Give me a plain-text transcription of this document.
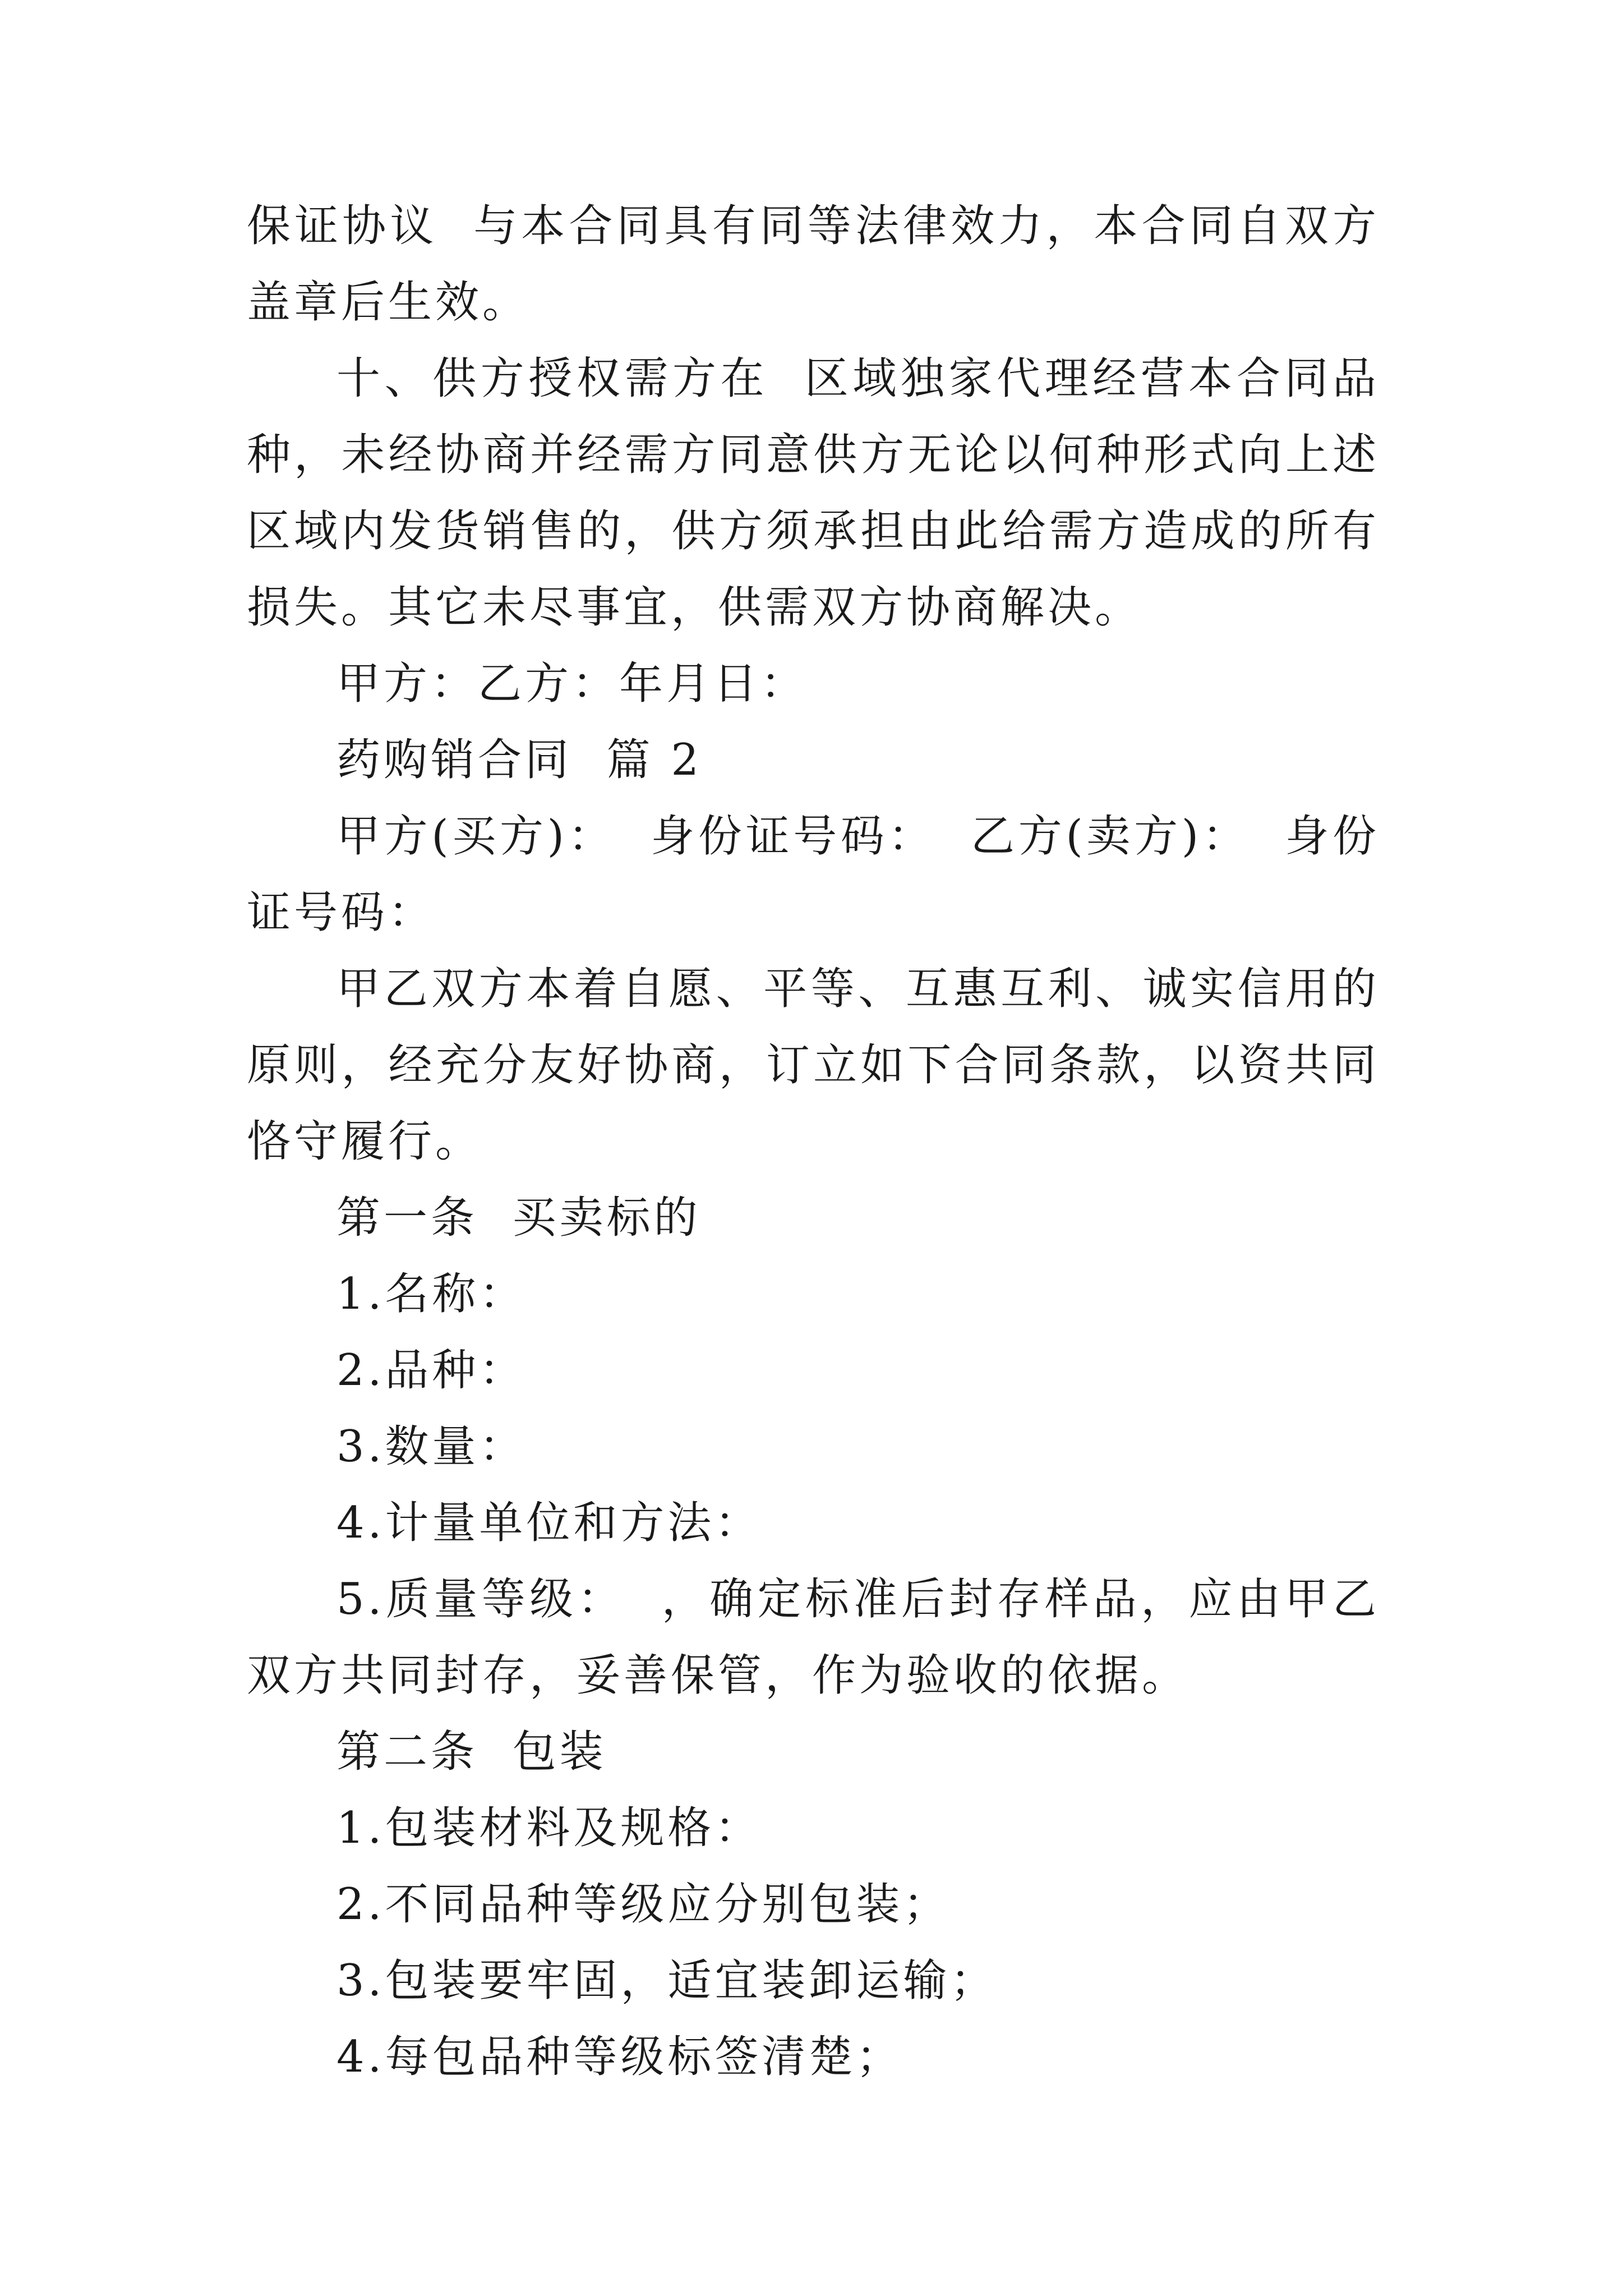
保证协议  与本合同具有同等法律效力，本合同自双方盖章后生效。

十、供方授权需方在  区域独家代理经营本合同品种，未经协商并经需方同意供方无论以何种形式向上述区域内发货销售的，供方须承担由此给需方造成的所有损失。其它未尽事宜，供需双方协商解决。

甲方：乙方：年月日：

药购销合同  篇 2

甲方(买方)：  身份证号码：  乙方(卖方)：  身份证号码：

甲乙双方本着自愿、平等、互惠互利、诚实信用的原则，经充分友好协商，订立如下合同条款，以资共同恪守履行。

第一条  买卖标的

1.名称：

2.品种：

3.数量：

4.计量单位和方法：

5.质量等级：  ，确定标准后封存样品，应由甲乙双方共同封存，妥善保管，作为验收的依据。

第二条  包装

1.包装材料及规格：

2.不同品种等级应分别包装；

3.包装要牢固，适宜装卸运输；

4.每包品种等级标签清楚；
